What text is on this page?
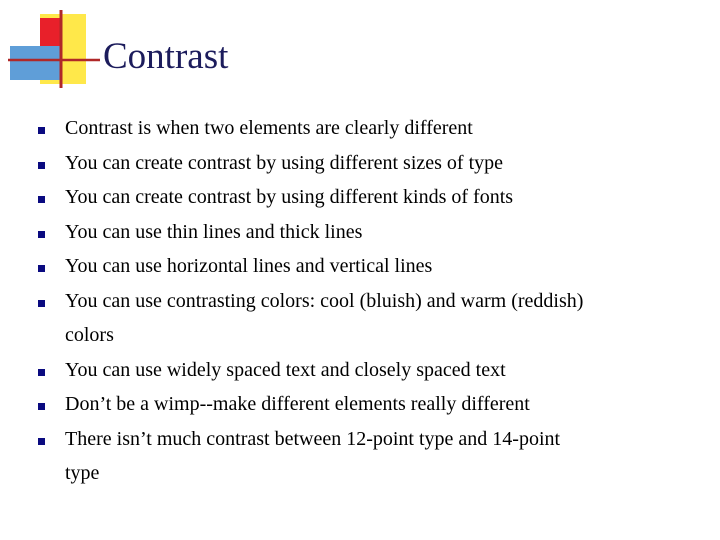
Contrast
Contrast is when two elements are clearly different
You can create contrast by using different sizes of type
You can create contrast by using different kinds of fonts
You can use thin lines and thick lines
You can use horizontal lines and vertical lines
You can use contrasting colors: cool (bluish) and warm (reddish)
colors
You can use widely spaced text and closely spaced text
Don’t be a wimp--make different elements really different
There isn’t much contrast between 12-point type and 14-point
type
